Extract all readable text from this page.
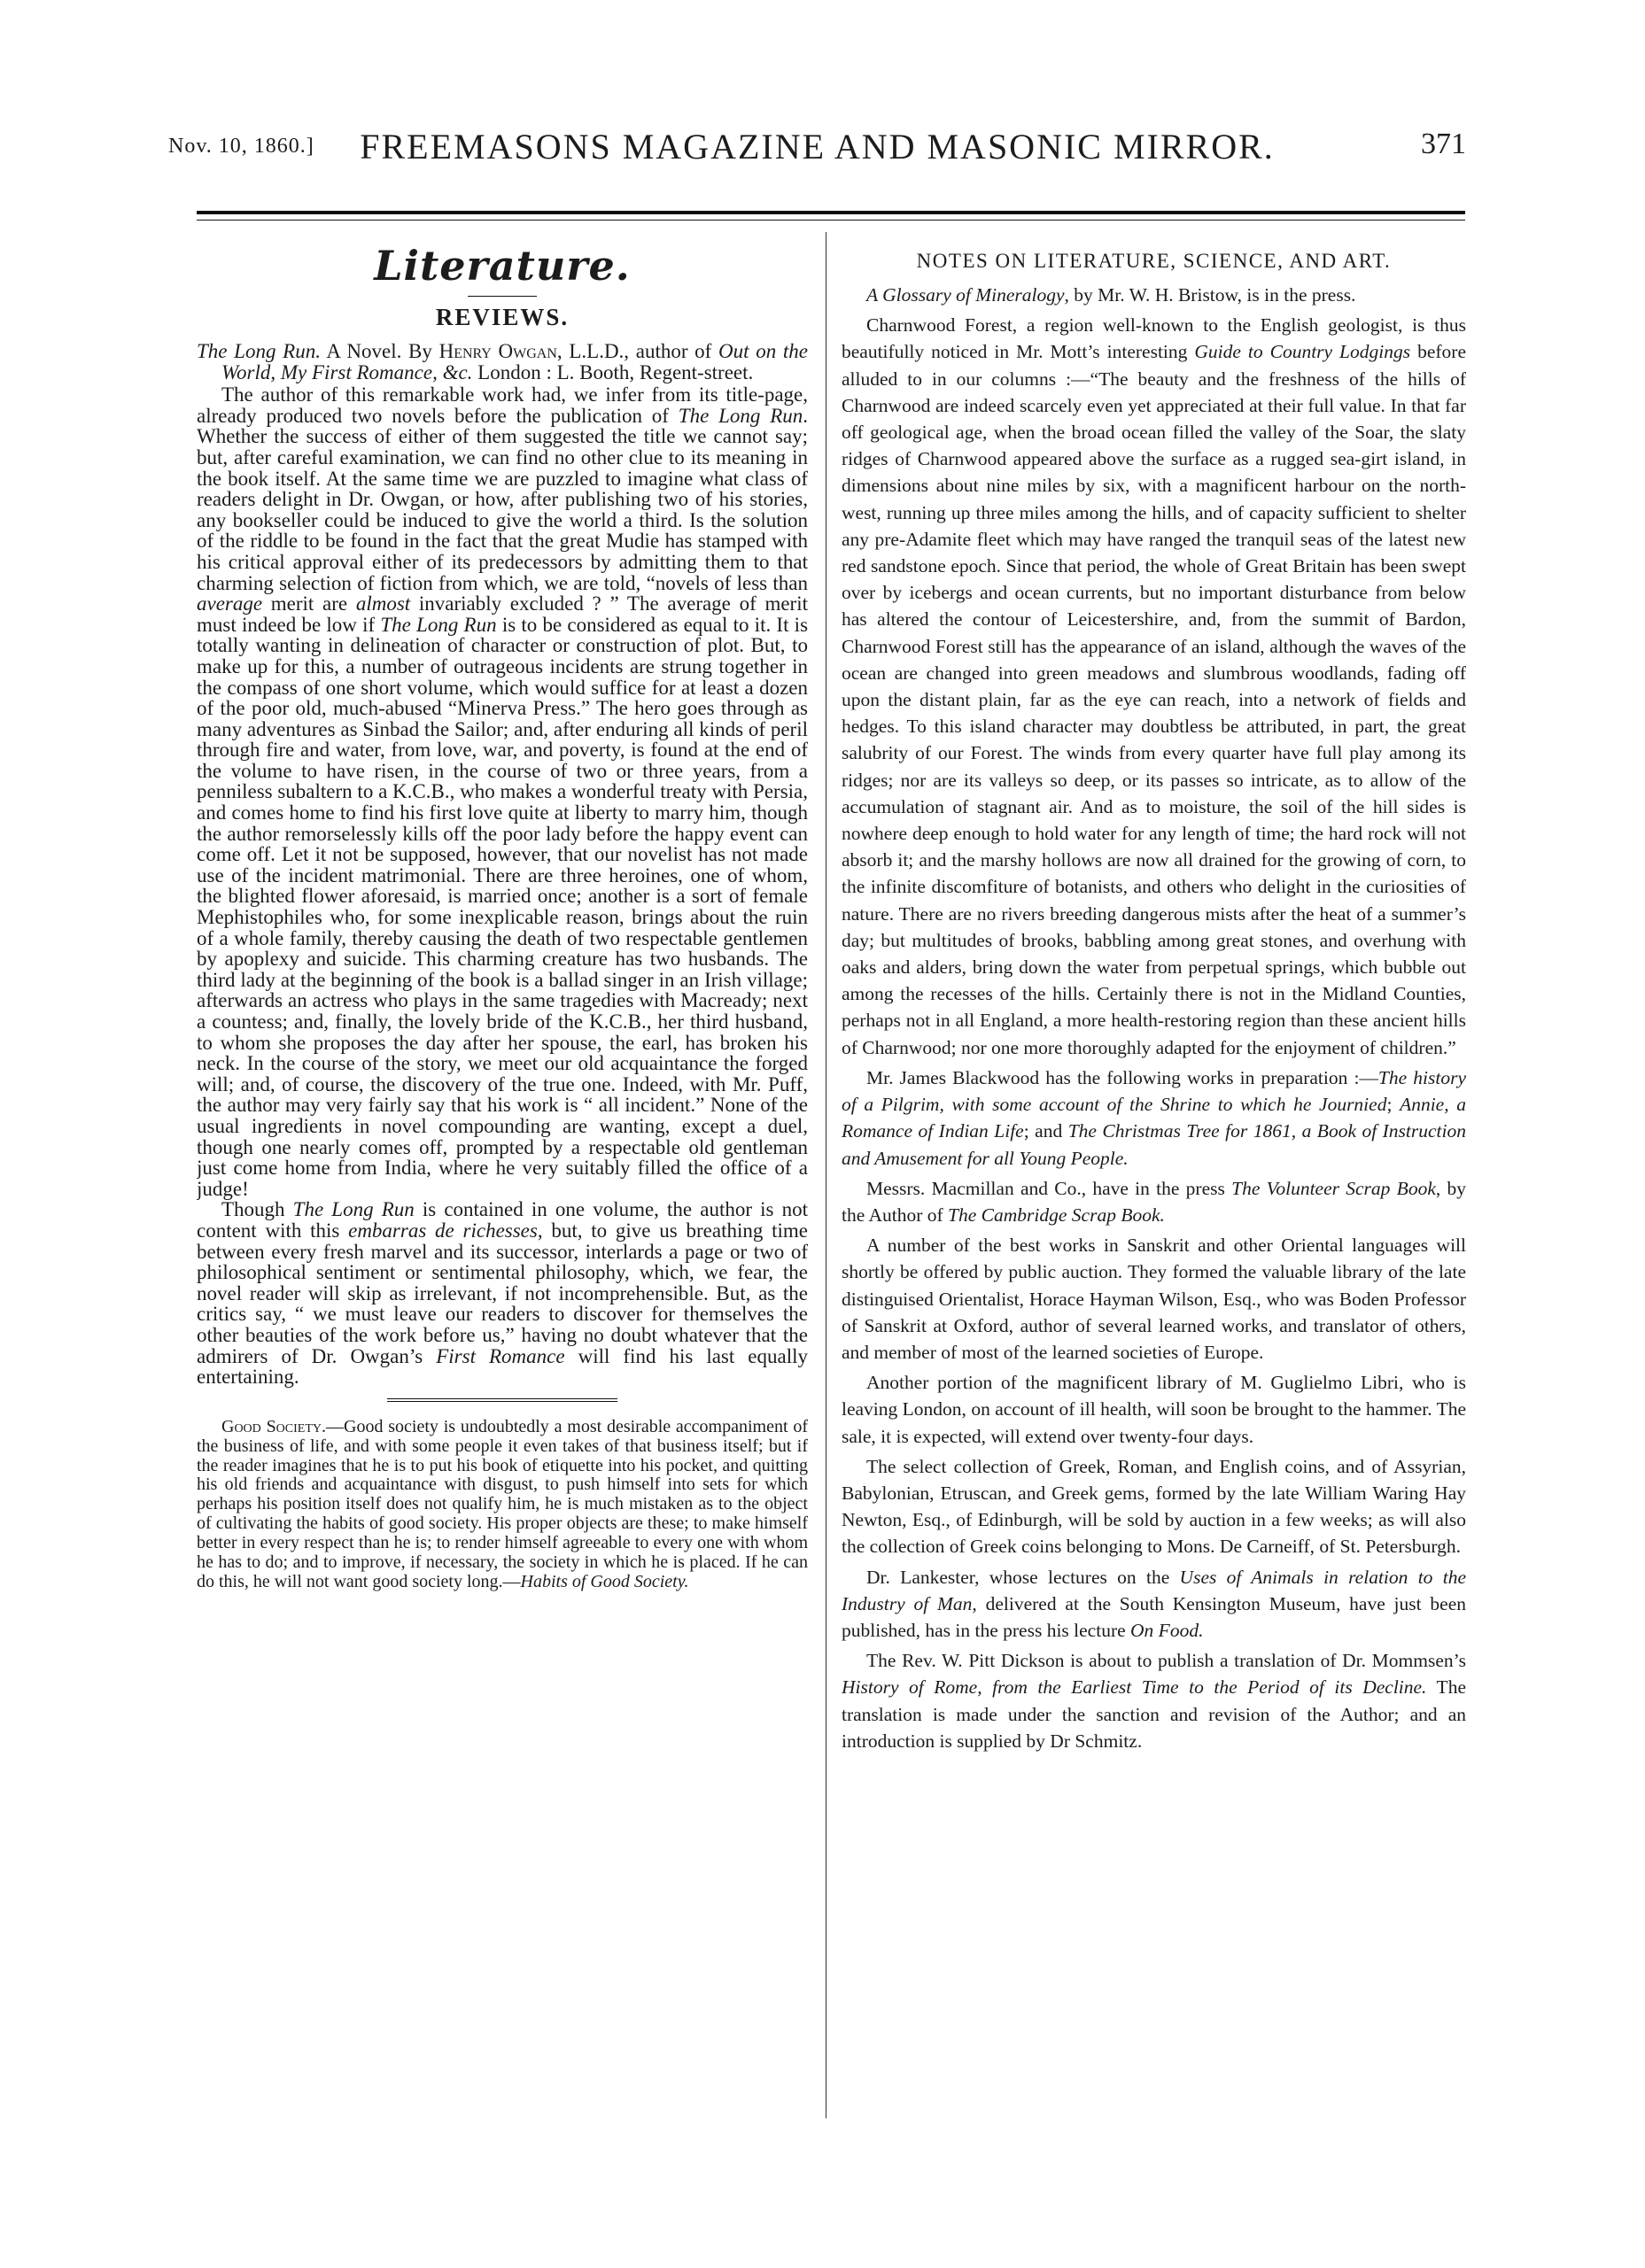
Nov. 10, 1860.]	FREEMASONS MAGAZINE AND MASONIC MIRROR.	371
Literature.
REVIEWS.

The Long Run. A Novel. By Henry Owgan, L.L.D., author of Out on the World, My First Romance, &c. London : L. Booth, Regent-street.

The author of this remarkable work had, we infer from its title-page, already produced two novels before the publication of The Long Run. Whether the success of either of them suggested the title we cannot say; but, after careful examination, we can find no other clue to its meaning in the book itself. At the same time we are puzzled to imagine what class of readers delight in Dr. Owgan, or how, after publishing two of his stories, any bookseller could be induced to give the world a third. Is the solution of the riddle to be found in the fact that the great Mudie has stamped with his critical approval either of its predecessors by admitting them to that charming selection of fiction from which, we are told, “novels of less than average merit are almost invariably excluded ? ” The average of merit must indeed be low if The Long Run is to be considered as equal to it. It is totally wanting in delineation of character or construction of plot. But, to make up for this, a number of outrageous incidents are strung together in the compass of one short volume, which would suffice for at least a dozen of the poor old, much-abused “Minerva Press.” The hero goes through as many adventures as Sinbad the Sailor; and, after enduring all kinds of peril through fire and water, from love, war, and poverty, is found at the end of the volume to have risen, in the course of two or three years, from a penniless subaltern to a K.C.B., who makes a wonderful treaty with Persia, and comes home to find his first love quite at liberty to marry him, though the author remorselessly kills off the poor lady before the happy event can come off. Let it not be supposed, however, that our novelist has not made use of the incident matrimonial. There are three heroines, one of whom, the blighted flower aforesaid, is married once; another is a sort of female Mephistophiles who, for some inexplicable reason, brings about the ruin of a whole family, thereby causing the death of two respectable gentlemen by apoplexy and suicide. This charming creature has two husbands. The third lady at the beginning of the book is a ballad singer in an Irish village; afterwards an actress who plays in the same tragedies with Macready; next a countess; and, finally, the lovely bride of the K.C.B., her third husband, to whom she proposes the day after her spouse, the earl, has broken his neck. In the course of the story, we meet our old acquaintance the forged will; and, of course, the discovery of the true one. Indeed, with Mr. Puff, the author may very fairly say that his work is “ all incident.” None of the usual ingredients in novel compounding are wanting, except a duel, though one nearly comes off, prompted by a respectable old gentleman just come home from India, where he very suitably filled the office of a judge!

Though The Long Run is contained in one volume, the author is not content with this embarras de richesses, but, to give us breathing time between every fresh marvel and its successor, interlards a page or two of philosophical sentiment or sentimental philosophy, which, we fear, the novel reader will skip as irrelevant, if not incomprehensible. But, as the critics say, “ we must leave our readers to discover for themselves the other beauties of the work before us,” having no doubt whatever that the admirers of Dr. Owgan’s First Romance will find his last equally entertaining.

Good Society.—Good society is undoubtedly a most desirable accompaniment of the business of life, and with some people it even takes of that business itself; but if the reader imagines that he is to put his book of etiquette into his pocket, and quitting his old friends and acquaintance with disgust, to push himself into sets for which perhaps his position itself does not qualify him, he is much mistaken as to the object of cultivating the habits of good society. His proper objects are these; to make himself better in every respect than he is; to render himself agreeable to every one with whom he has to do; and to improve, if necessary, the society in which he is placed. If he can do this, he will not want good society long.—Habits of Good Society.

NOTES ON LITERATURE, SCIENCE, AND ART.

A Glossary of Mineralogy, by Mr. W. H. Bristow, is in the press.

Charnwood Forest, a region well-known to the English geologist, is thus beautifully noticed in Mr. Mott’s interesting Guide to Country Lodgings before alluded to in our columns :—“The beauty and the freshness of the hills of Charnwood are indeed scarcely even yet appreciated at their full value. In that far off geological age, when the broad ocean filled the valley of the Soar, the slaty ridges of Charnwood appeared above the surface as a rugged sea-girt island, in dimensions about nine miles by six, with a magnificent harbour on the north-west, running up three miles among the hills, and of capacity sufficient to shelter any pre-Adamite fleet which may have ranged the tranquil seas of the latest new red sandstone epoch. Since that period, the whole of Great Britain has been swept over by icebergs and ocean currents, but no important disturbance from below has altered the contour of Leicestershire, and, from the summit of Bardon, Charnwood Forest still has the appearance of an island, although the waves of the ocean are changed into green meadows and slumbrous woodlands, fading off upon the distant plain, far as the eye can reach, into a network of fields and hedges. To this island character may doubtless be attributed, in part, the great salubrity of our Forest. The winds from every quarter have full play among its ridges; nor are its valleys so deep, or its passes so intricate, as to allow of the accumulation of stagnant air. And as to moisture, the soil of the hill sides is nowhere deep enough to hold water for any length of time; the hard rock will not absorb it; and the marshy hollows are now all drained for the growing of corn, to the infinite discomfiture of botanists, and others who delight in the curiosities of nature. There are no rivers breeding dangerous mists after the heat of a summer’s day; but multitudes of brooks, babbling among great stones, and overhung with oaks and alders, bring down the water from perpetual springs, which bubble out among the recesses of the hills. Certainly there is not in the Midland Counties, perhaps not in all England, a more health-restoring region than these ancient hills of Charnwood; nor one more thoroughly adapted for the enjoyment of children.”

Mr. James Blackwood has the following works in preparation :—The history of a Pilgrim, with some account of the Shrine to which he Journied; Annie, a Romance of Indian Life; and The Christmas Tree for 1861, a Book of Instruction and Amusement for all Young People.

Messrs. Macmillan and Co., have in the press The Volunteer Scrap Book, by the Author of The Cambridge Scrap Book.

A number of the best works in Sanskrit and other Oriental languages will shortly be offered by public auction. They formed the valuable library of the late distinguised Orientalist, Horace Hayman Wilson, Esq., who was Boden Professor of Sanskrit at Oxford, author of several learned works, and translator of others, and member of most of the learned societies of Europe.

Another portion of the magnificent library of M. Guglielmo Libri, who is leaving London, on account of ill health, will soon be brought to the hammer. The sale, it is expected, will extend over twenty-four days.

The select collection of Greek, Roman, and English coins, and of Assyrian, Babylonian, Etruscan, and Greek gems, formed by the late William Waring Hay Newton, Esq., of Edinburgh, will be sold by auction in a few weeks; as will also the collection of Greek coins belonging to Mons. De Carneiff, of St. Petersburgh.

Dr. Lankester, whose lectures on the Uses of Animals in relation to the Industry of Man, delivered at the South Kensington Museum, have just been published, has in the press his lecture On Food.

The Rev. W. Pitt Dickson is about to publish a translation of Dr. Mommsen’s History of Rome, from the Earliest Time to the Period of its Decline. The translation is made under the sanction and revision of the Author; and an introduction is supplied by Dr Schmitz.
